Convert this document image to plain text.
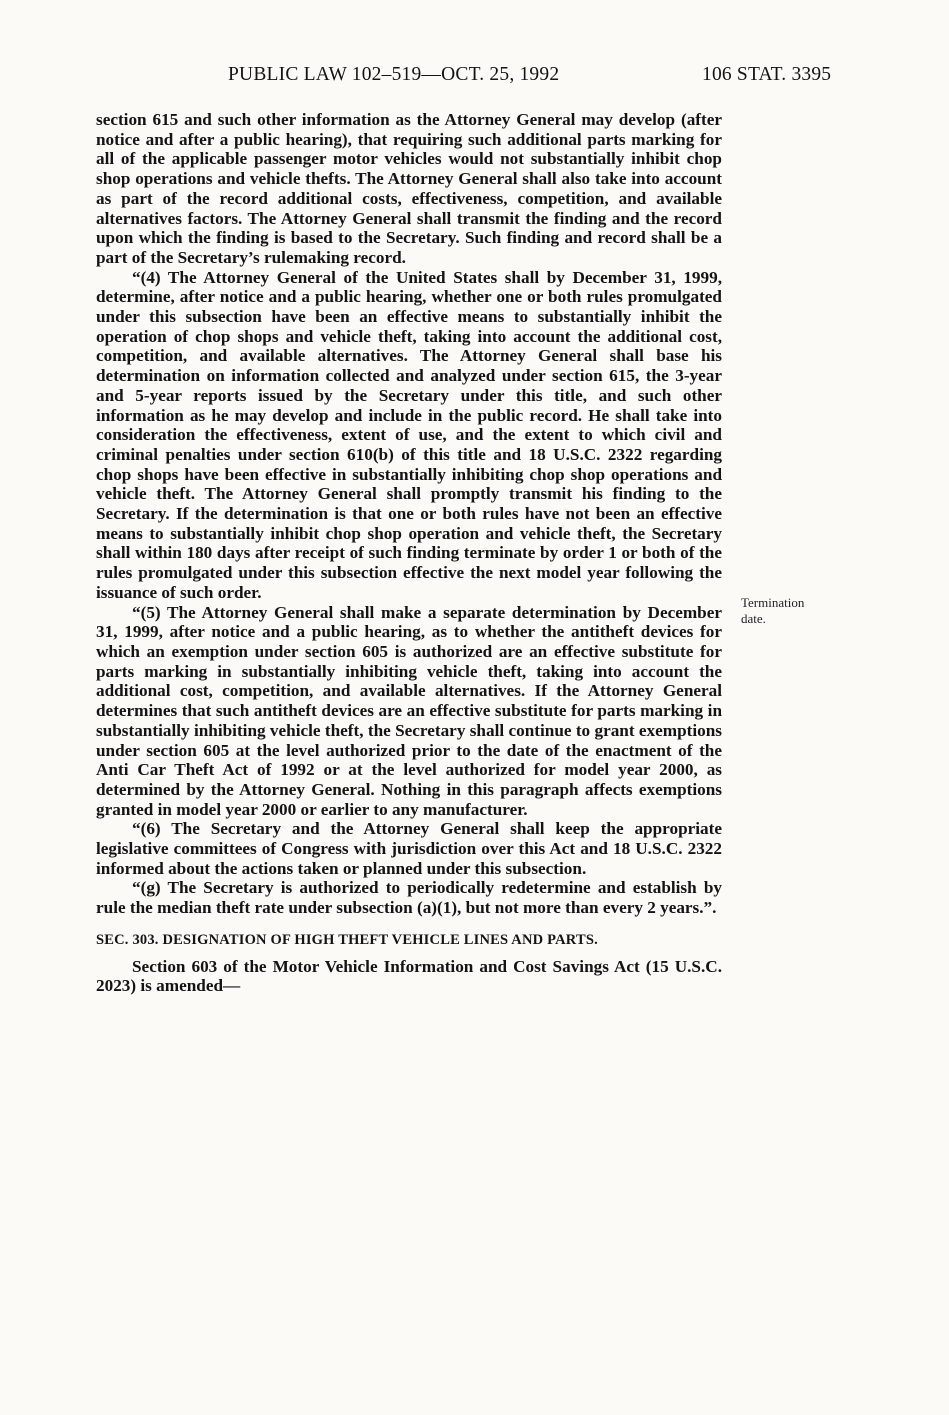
PUBLIC LAW 102–519—OCT. 25, 1992	106 STAT. 3395

section 615 and such other information as the Attorney General may develop (after notice and after a public hearing), that requiring such additional parts marking for all of the applicable passenger motor vehicles would not substantially inhibit chop shop operations and vehicle thefts. The Attorney General shall also take into account as part of the record additional costs, effectiveness, competition, and available alternatives factors. The Attorney General shall transmit the finding and the record upon which the finding is based to the Secretary. Such finding and record shall be a part of the Secretary’s rulemaking record.

“(4) The Attorney General of the United States shall by December 31, 1999, determine, after notice and a public hearing, whether one or both rules promulgated under this subsection have been an effective means to substantially inhibit the operation of chop shops and vehicle theft, taking into account the additional cost, competition, and available alternatives. The Attorney General shall base his determination on information collected and analyzed under section 615, the 3-year and 5-year reports issued by the Secretary under this title, and such other information as he may develop and include in the public record. He shall take into consideration the effectiveness, extent of use, and the extent to which civil and criminal penalties under section 610(b) of this title and 18 U.S.C. 2322 regarding chop shops have been effective in substantially inhibiting chop shop operations and vehicle theft. The Attorney General shall promptly transmit his finding to the Secretary. If the determination is that one or both rules have not been an effective means to substantially inhibit chop shop operation and vehicle theft, the Secretary shall within 180 days after receipt of such finding terminate by order 1 or both of the rules promulgated under this subsection effective the next model year following the issuance of such order.

“(5) The Attorney General shall make a separate determination by December 31, 1999, after notice and a public hearing, as to whether the antitheft devices for which an exemption under section 605 is authorized are an effective substitute for parts marking in substantially inhibiting vehicle theft, taking into account the additional cost, competition, and available alternatives. If the Attorney General determines that such antitheft devices are an effective substitute for parts marking in substantially inhibiting vehicle theft, the Secretary shall continue to grant exemptions under section 605 at the level authorized prior to the date of the enactment of the Anti Car Theft Act of 1992 or at the level authorized for model year 2000, as determined by the Attorney General. Nothing in this paragraph affects exemptions granted in model year 2000 or earlier to any manufacturer.

“(6) The Secretary and the Attorney General shall keep the appropriate legislative committees of Congress with jurisdiction over this Act and 18 U.S.C. 2322 informed about the actions taken or planned under this subsection.

“(g) The Secretary is authorized to periodically redetermine and establish by rule the median theft rate under subsection (a)(1), but not more than every 2 years.”.

SEC. 303. DESIGNATION OF HIGH THEFT VEHICLE LINES AND PARTS.

Section 603 of the Motor Vehicle Information and Cost Savings Act (15 U.S.C. 2023) is amended—

Termination
date.
